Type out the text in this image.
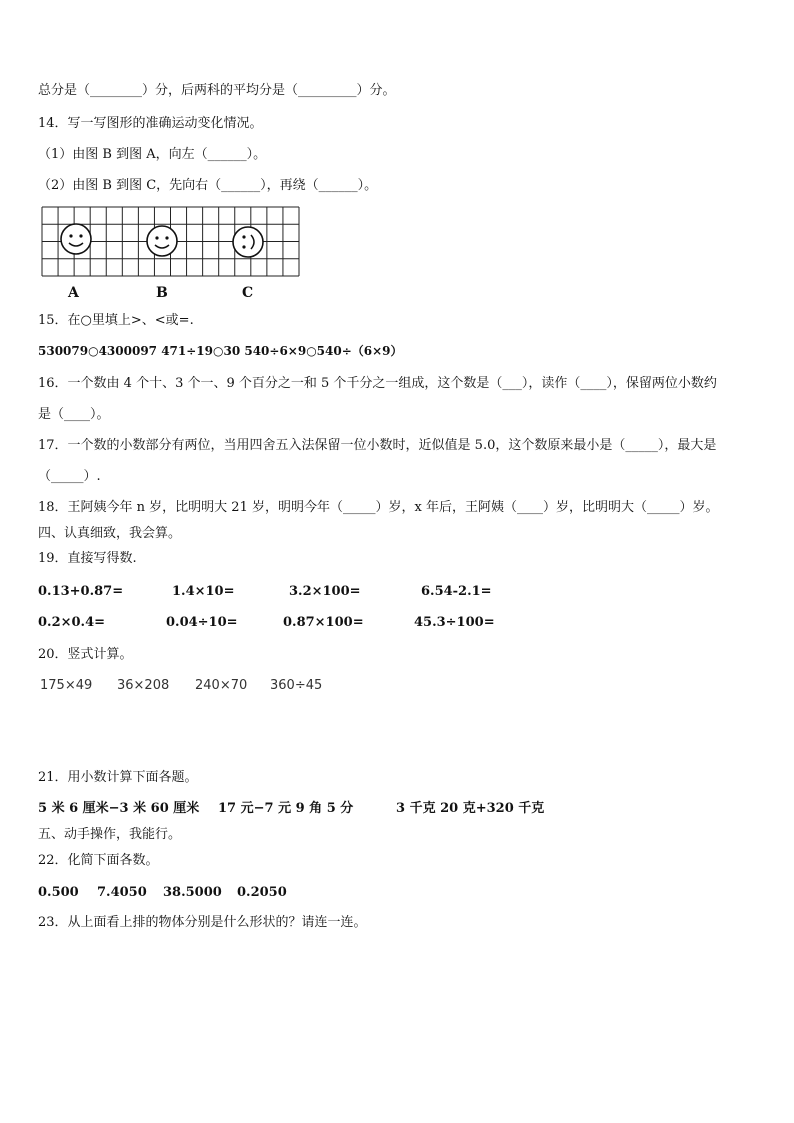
总分是（________）分，后两科的平均分是（_________）分。
14．写一写图形的准确运动变化情况。
（1）由图 B 到图 A，向左（______）。
（2）由图 B 到图 C，先向右（______），再绕（______）。
A	B	C
15．在○里填上>、<或=.
530079○4300097 471÷19○30 540÷6×9○540÷（6×9）
16．一个数由 4 个十、3 个一、9 个百分之一和 5 个千分之一组成，这个数是（___），读作（____），保留两位小数约
是（____）。
17．一个数的小数部分有两位，当用四舍五入法保留一位小数时，近似值是 5.0，这个数原来最小是（_____），最大是
（_____）.
18．王阿姨今年 n 岁，比明明大 21 岁，明明今年（_____）岁，x 年后，王阿姨（____）岁，比明明大（_____）岁。
四、认真细致，我会算。
19．直接写得数.
0.13+0.87=	1.4×10=	3.2×100=	6.54-2.1=
0.2×0.4=	0.04÷10=	0.87×100=	45.3÷100=
20．竖式计算。
175×49 36×208 240×70 360÷45
21．用小数计算下面各题。
5 米 6 厘米−3 米 60 厘米 17 元−7 元 9 角 5 分	3 千克 20 克+320 千克
五、动手操作，我能行。
22．化简下面各数。
0.500 7.4050 38.5000 0.2050
23．从上面看上排的物体分别是什么形状的？请连一连。
